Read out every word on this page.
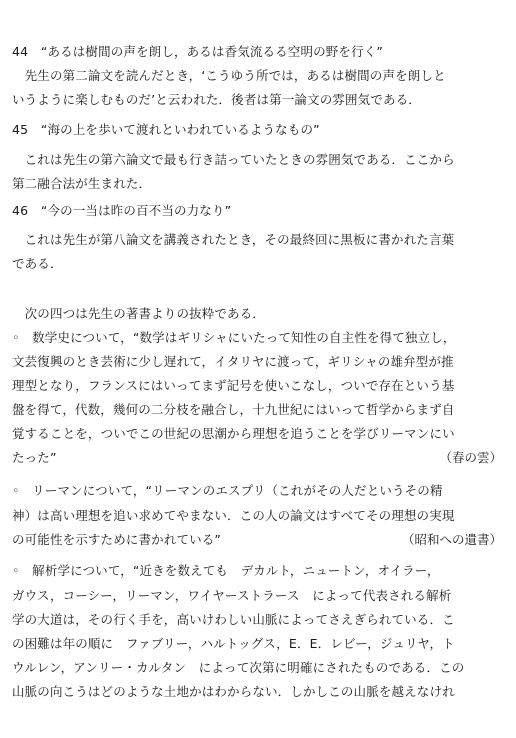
44　“あるは樹間の声を朗し，あるは香気流るる空明の野を行く”
　先生の第二論文を読んだとき，‘こうゆう所では，あるは樹間の声を朗しと
いうように楽しむものだ’と云われた．後者は第一論文の雰囲気である．
45　“海の上を歩いて渡れといわれているようなもの”
　これは先生の第六論文で最も行き詰っていたときの雰囲気である．ここから
第二融合法が生まれた．
46　“今の一当は昨の百不当の力なり”
　これは先生が第八論文を講義されたとき，その最終回に黒板に書かれた言葉
である．
　次の四つは先生の著書よりの抜粋である．
◦　数学史について，“数学はギリシャにいたって知性の自主性を得て独立し，
文芸復興のとき芸術に少し遅れて，イタリヤに渡って，ギリシャの雄弁型が推
理型となり，フランスにはいってまず記号を使いこなし，ついで存在という基
盤を得て，代数，幾何の二分枝を融合し，十九世紀にはいって哲学からまず自
覚することを，ついでこの世紀の思潮から理想を追うことを学びリーマンにい
たった”	（春の雲）
◦　リーマンについて，“リーマンのエスプリ（これがその人だというその精
神）は高い理想を追い求めてやまない．この人の論文はすべてその理想の実現
の可能性を示すために書かれている”	（昭和への遺書）
◦　解析学について，“近きを数えても　デカルト，ニュートン，オイラー，
ガウス，コーシー，リーマン，ワイヤーストラース　によって代表される解析
学の大道は，その行く手を，高いけわしい山脈によってさえぎられている．こ
の困難は年の順に　ファブリー，ハルトッグス，E．E．レビー，ジュリヤ，ト
ウルレン，アンリー・カルタン　によって次第に明確にされたものである．この
山脈の向こうはどのような土地かはわからない．しかしこの山脈を越えなけれ
